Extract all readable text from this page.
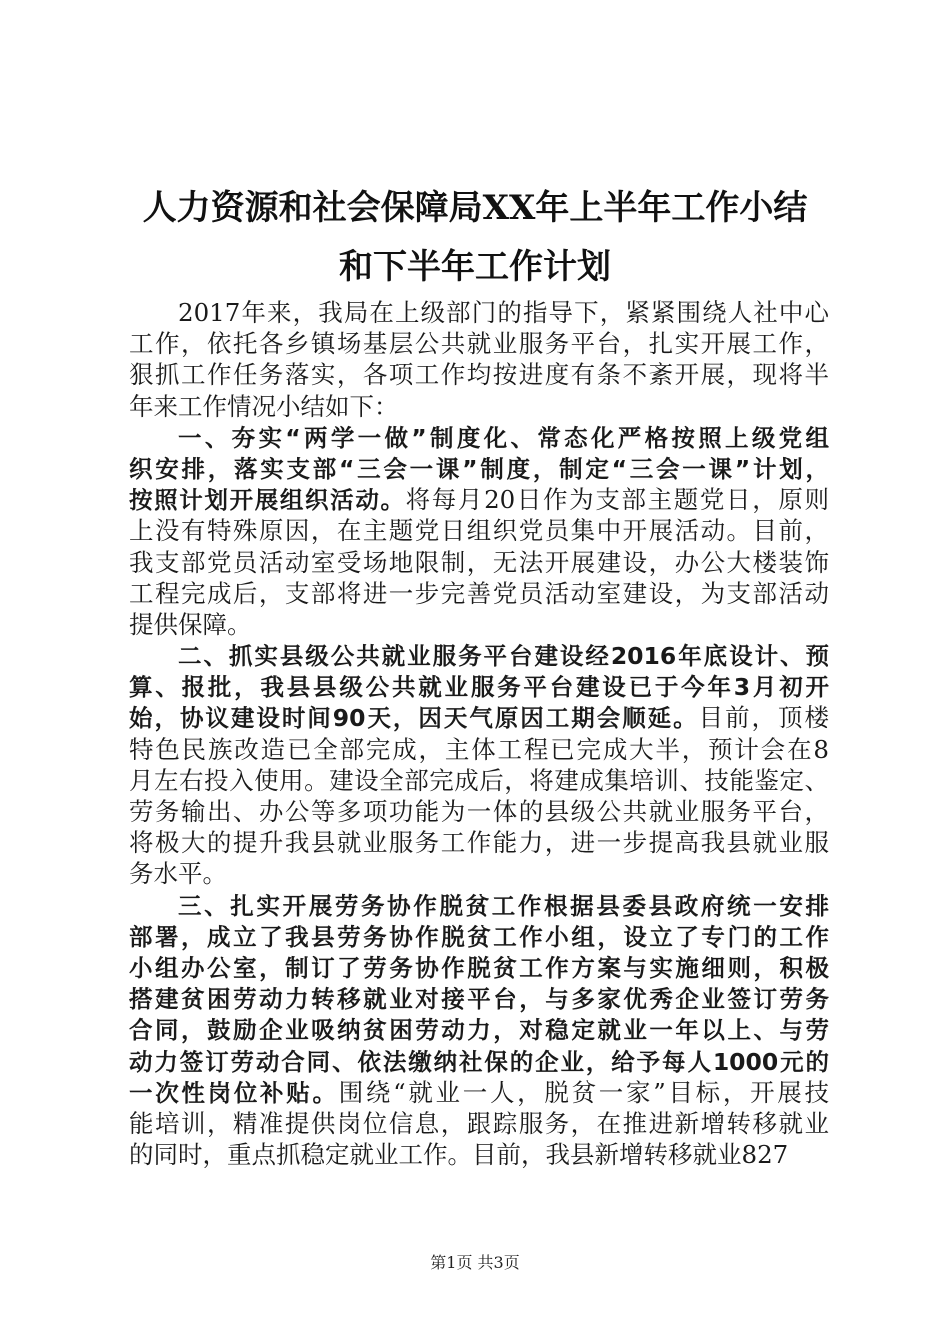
人力资源和社会保障局XX年上半年工作小结
和下半年工作计划
2017年来，我局在上级部门的指导下，紧紧围绕人社中心
工作，依托各乡镇场基层公共就业服务平台，扎实开展工作，
狠抓工作任务落实，各项工作均按进度有条不紊开展，现将半
年来工作情况小结如下：
一、夯实“两学一做”制度化、常态化严格按照上级党组
织安排，落实支部“三会一课”制度，制定“三会一课”计划，
按照计划开展组织活动。将每月20日作为支部主题党日，原则
上没有特殊原因，在主题党日组织党员集中开展活动。目前，
我支部党员活动室受场地限制，无法开展建设，办公大楼装饰
工程完成后，支部将进一步完善党员活动室建设，为支部活动
提供保障。
二、抓实县级公共就业服务平台建设经2016年底设计、预
算、报批，我县县级公共就业服务平台建设已于今年3月初开
始，协议建设时间90天，因天气原因工期会顺延。目前，顶楼
特色民族改造已全部完成，主体工程已完成大半，预计会在8
月左右投入使用。建设全部完成后，将建成集培训、技能鉴定、
劳务输出、办公等多项功能为一体的县级公共就业服务平台，
将极大的提升我县就业服务工作能力，进一步提高我县就业服
务水平。
三、扎实开展劳务协作脱贫工作根据县委县政府统一安排
部署，成立了我县劳务协作脱贫工作小组，设立了专门的工作
小组办公室，制订了劳务协作脱贫工作方案与实施细则，积极
搭建贫困劳动力转移就业对接平台，与多家优秀企业签订劳务
合同，鼓励企业吸纳贫困劳动力，对稳定就业一年以上、与劳
动力签订劳动合同、依法缴纳社保的企业，给予每人1000元的
一次性岗位补贴。围绕“就业一人，脱贫一家”目标，开展技
能培训，精准提供岗位信息，跟踪服务，在推进新增转移就业
的同时，重点抓稳定就业工作。目前，我县新增转移就业827
第1页 共3页
